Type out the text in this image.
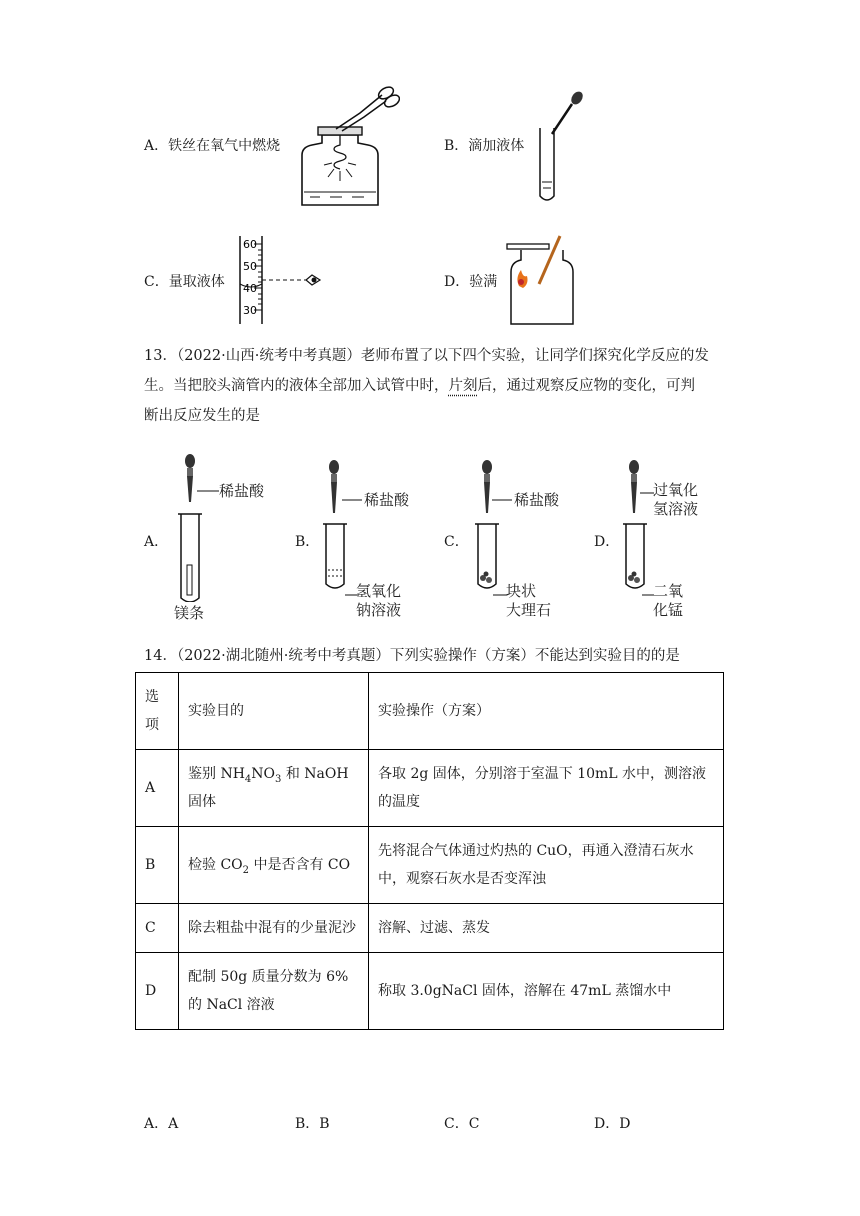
A．铁丝在氧气中燃烧	B．滴加液体
C．量取液体
60
50
40
30
D．验满
13．（2022·山西·统考中考真题）老师布置了以下四个实验，让同学们探究化学反应的发
生。当把胶头滴管内的液体全部加入试管中时，片刻后，通过观察反应物的变化，可判
断出反应发生的是
A．
稀盐酸
镁条
B．
稀盐酸
氢氧化
钠溶液
C．
稀盐酸
块状
大理石
D．
过氧化
氢溶液
二氧
化锰
14．（2022·湖北随州·统考中考真题）下列实验操作（方案）不能达到实验目的的是
选
项	实验目的	实验操作（方案）
A	鉴别 $NH_4NO_3$ 和 NaOH 固体	各取 2g 固体，分别溶于室温下 10mL 水中，测溶液的温度
B	检验 $CO_2$ 中是否含有 CO	先将混合气体通过灼热的 CuO，再通入澄清石灰水中，观察石灰水是否变浑浊
C	除去粗盐中混有的少量泥沙	溶解、过滤、蒸发
D	配制 50g 质量分数为 6%的 NaCl 溶液	称取 3.0gNaCl 固体，溶解在 47mL 蒸馏水中
A．A	B．B	C．C	D．D
